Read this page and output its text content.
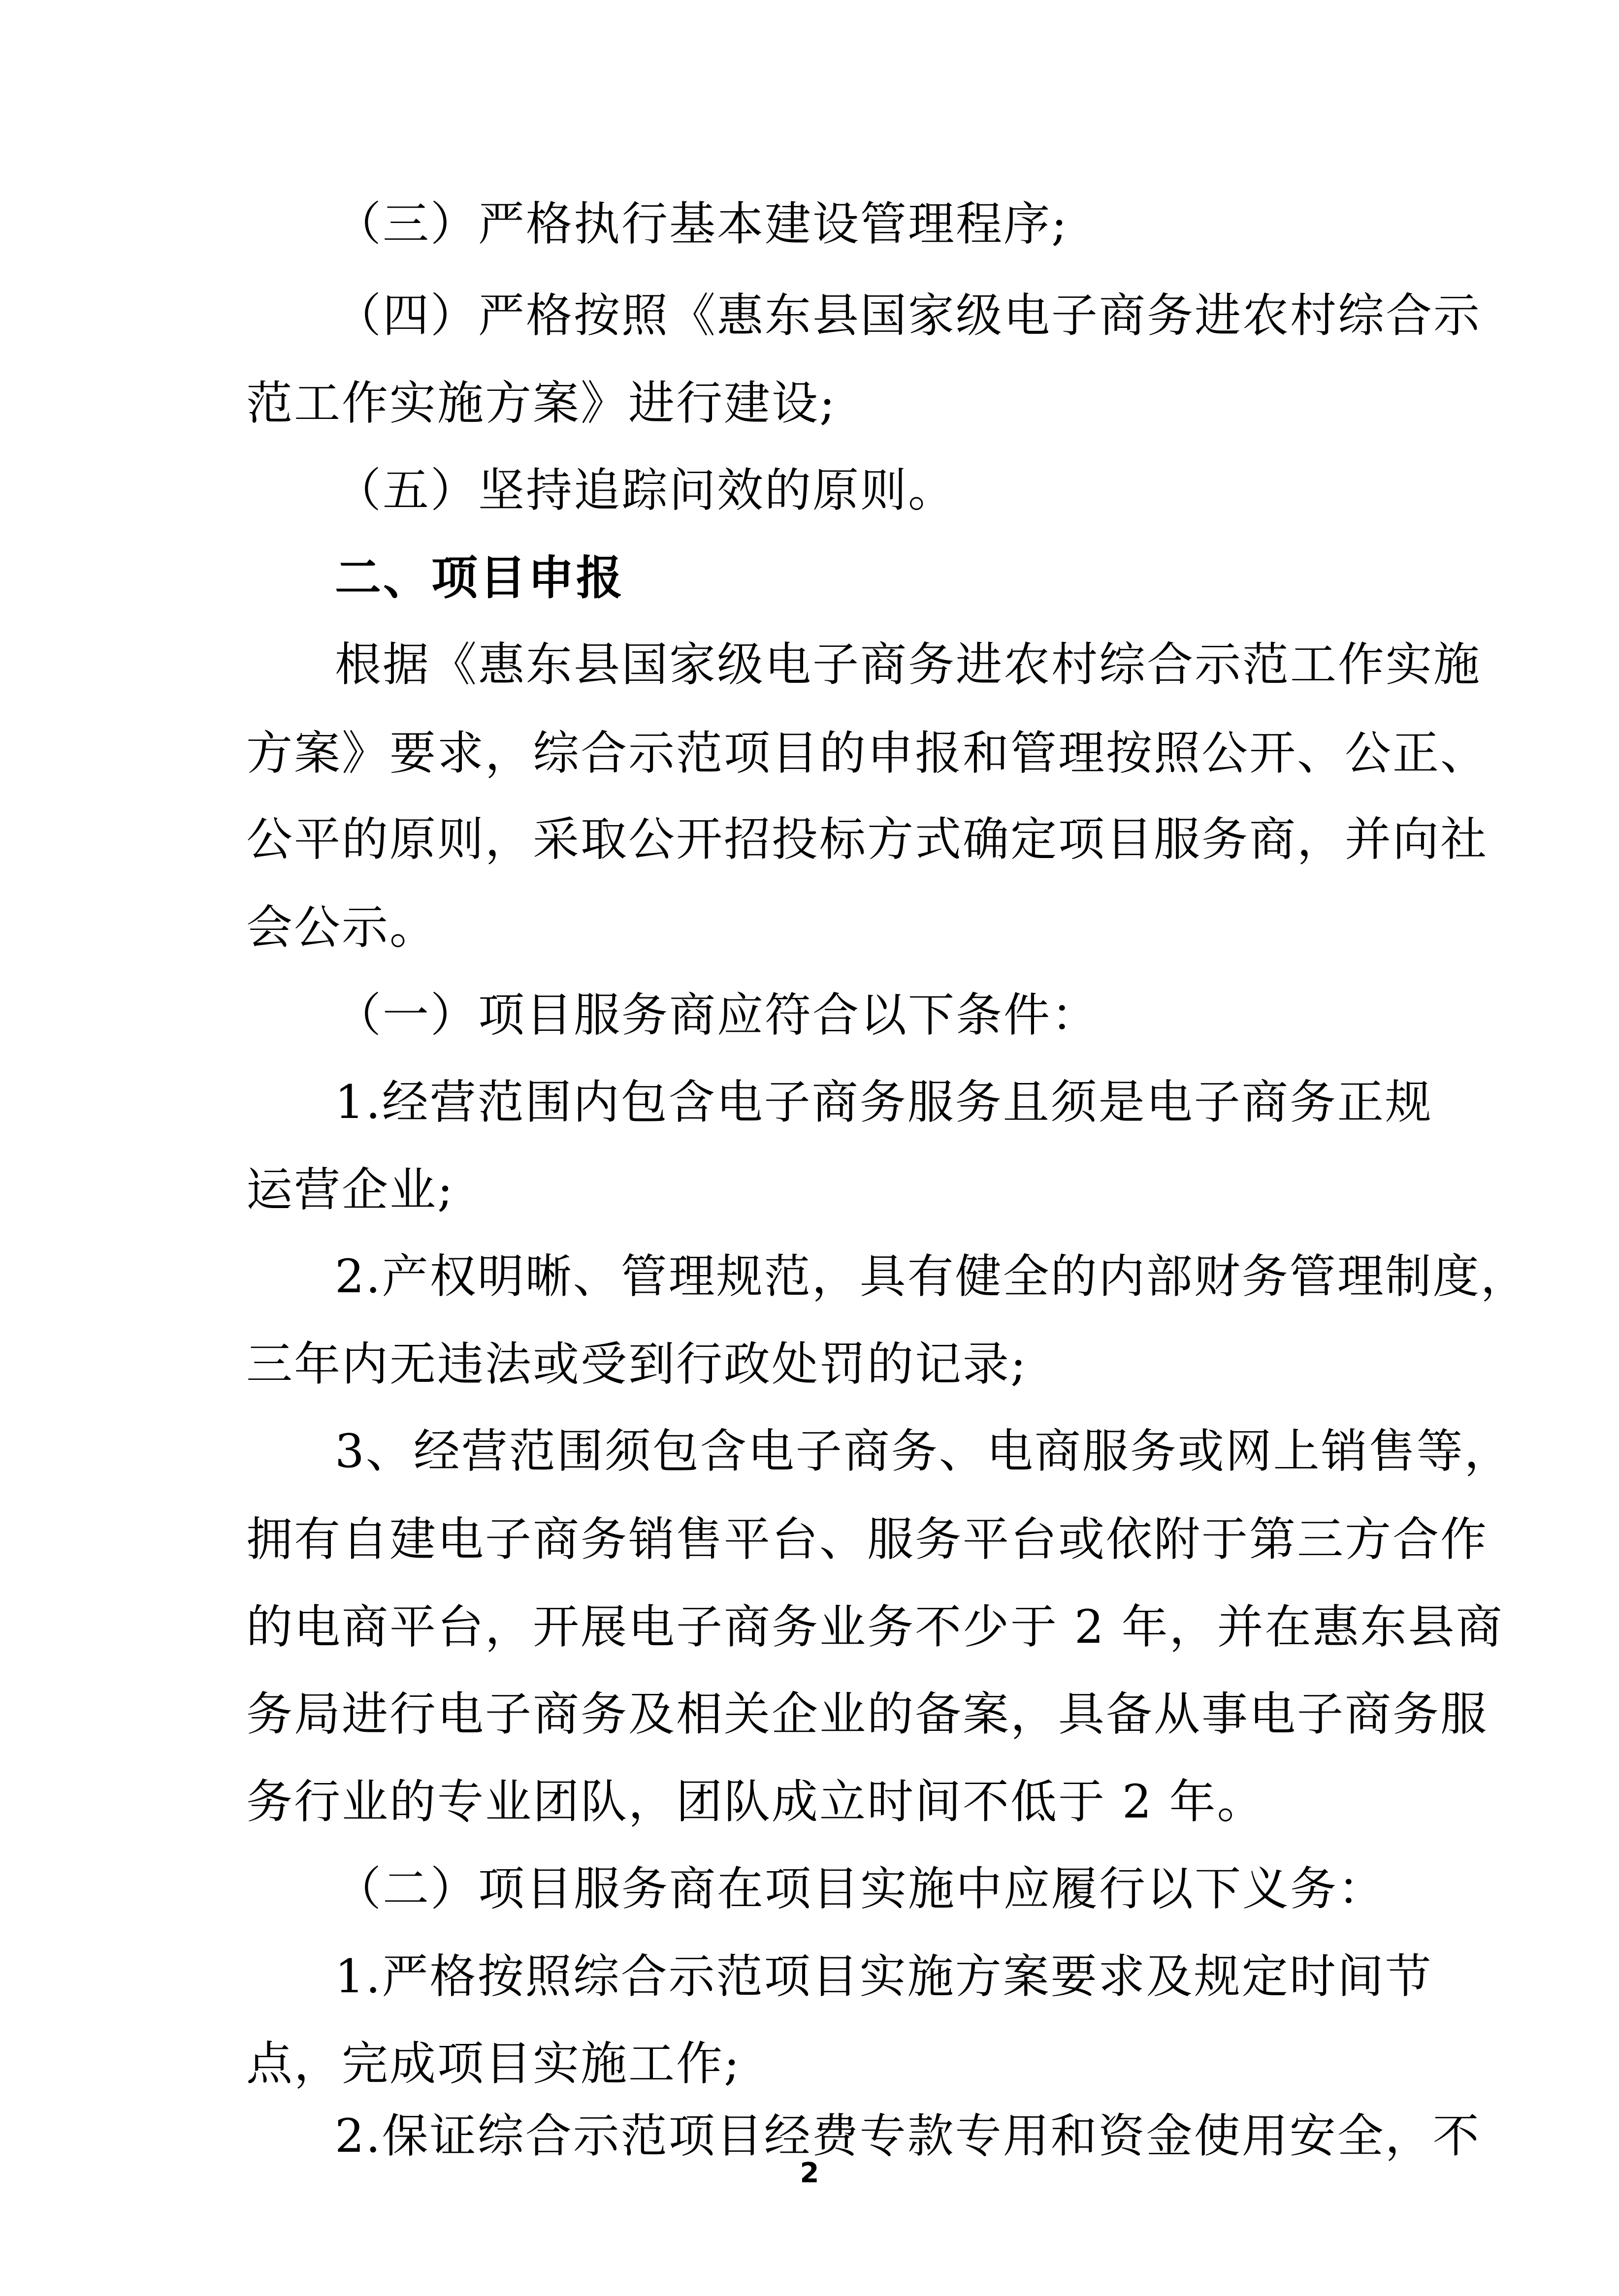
（三）严格执行基本建设管理程序;
（四）严格按照《惠东县国家级电子商务进农村综合示
范工作实施方案》进行建设;
（五）坚持追踪问效的原则。
二、项目申报
根据《惠东县国家级电子商务进农村综合示范工作实施
方案》要求，综合示范项目的申报和管理按照公开、公正、
公平的原则，采取公开招投标方式确定项目服务商，并向社
会公示。
（一）项目服务商应符合以下条件：
1.经营范围内包含电子商务服务且须是电子商务正规
运营企业;
2.产权明晰、管理规范，具有健全的内部财务管理制度，
三年内无违法或受到行政处罚的记录;
3、经营范围须包含电子商务、电商服务或网上销售等，
拥有自建电子商务销售平台、服务平台或依附于第三方合作
的电商平台，开展电子商务业务不少于 2 年，并在惠东县商
务局进行电子商务及相关企业的备案，具备从事电子商务服
务行业的专业团队，团队成立时间不低于 2 年。
（二）项目服务商在项目实施中应履行以下义务：
1.严格按照综合示范项目实施方案要求及规定时间节
点，完成项目实施工作;
2.保证综合示范项目经费专款专用和资金使用安全，不
2
